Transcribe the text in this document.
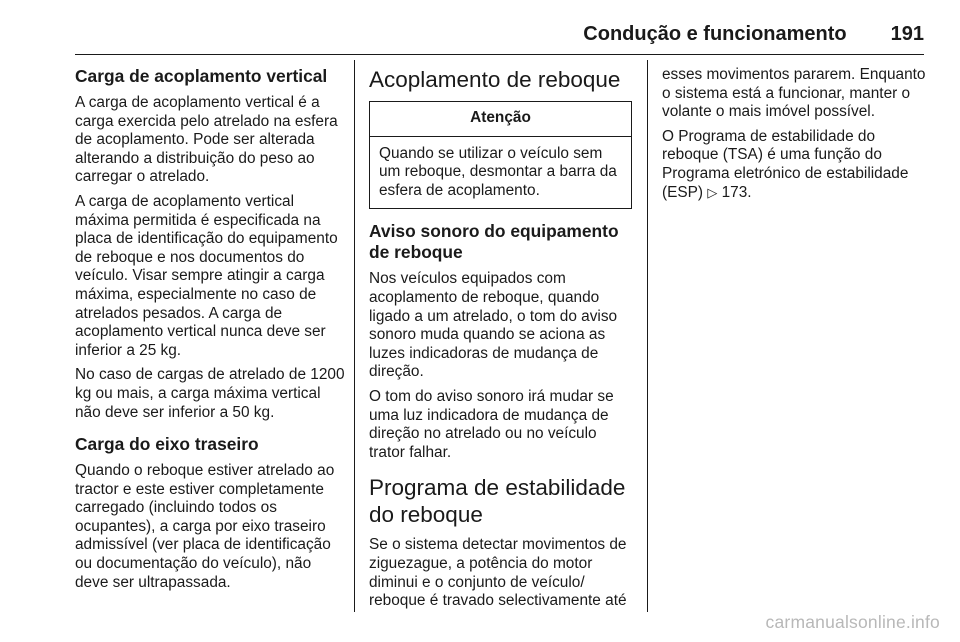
Condução e funcionamento 191
Carga de acoplamento vertical

A carga de acoplamento vertical é a carga exercida pelo atrelado na esfera de acoplamento. Pode ser alterada alterando a distribuição do peso ao carregar o atrelado.

A carga de acoplamento vertical máxima permitida é especificada na placa de identificação do equipamento de reboque e nos documentos do veículo. Visar sempre atingir a carga máxima, especialmente no caso de atrelados pesados. A carga de acoplamento vertical nunca deve ser inferior a 25 kg.

No caso de cargas de atrelado de 1200 kg ou mais, a carga máxima vertical não deve ser inferior a 50 kg.

Carga do eixo traseiro

Quando o reboque estiver atrelado ao tractor e este estiver completamente carregado (incluindo todos os ocupantes), a carga por eixo traseiro admissível (ver placa de identificação ou documentação do veículo), não deve ser ultrapassada.

Acoplamento de reboque
Atenção
Quando se utilizar o veículo sem um reboque, desmontar a barra da esfera de acoplamento.
Aviso sonoro do equipamento de reboque

Nos veículos equipados com acoplamento de reboque, quando ligado a um atrelado, o tom do aviso sonoro muda quando se aciona as luzes indicadoras de mudança de direção.

O tom do aviso sonoro irá mudar se uma luz indicadora de mudança de direção no atrelado ou no veículo trator falhar.

Programa de estabilidade do reboque

Se o sistema detectar movimentos de ziguezague, a potência do motor diminui e o conjunto de veículo/ reboque é travado selectivamente até

esses movimentos pararem. Enquanto o sistema está a funcionar, manter o volante o mais imóvel possível.

O Programa de estabilidade do reboque (TSA) é uma função do Programa eletrónico de estabilidade (ESP) ▷ 173.

carmanualsonline.info
